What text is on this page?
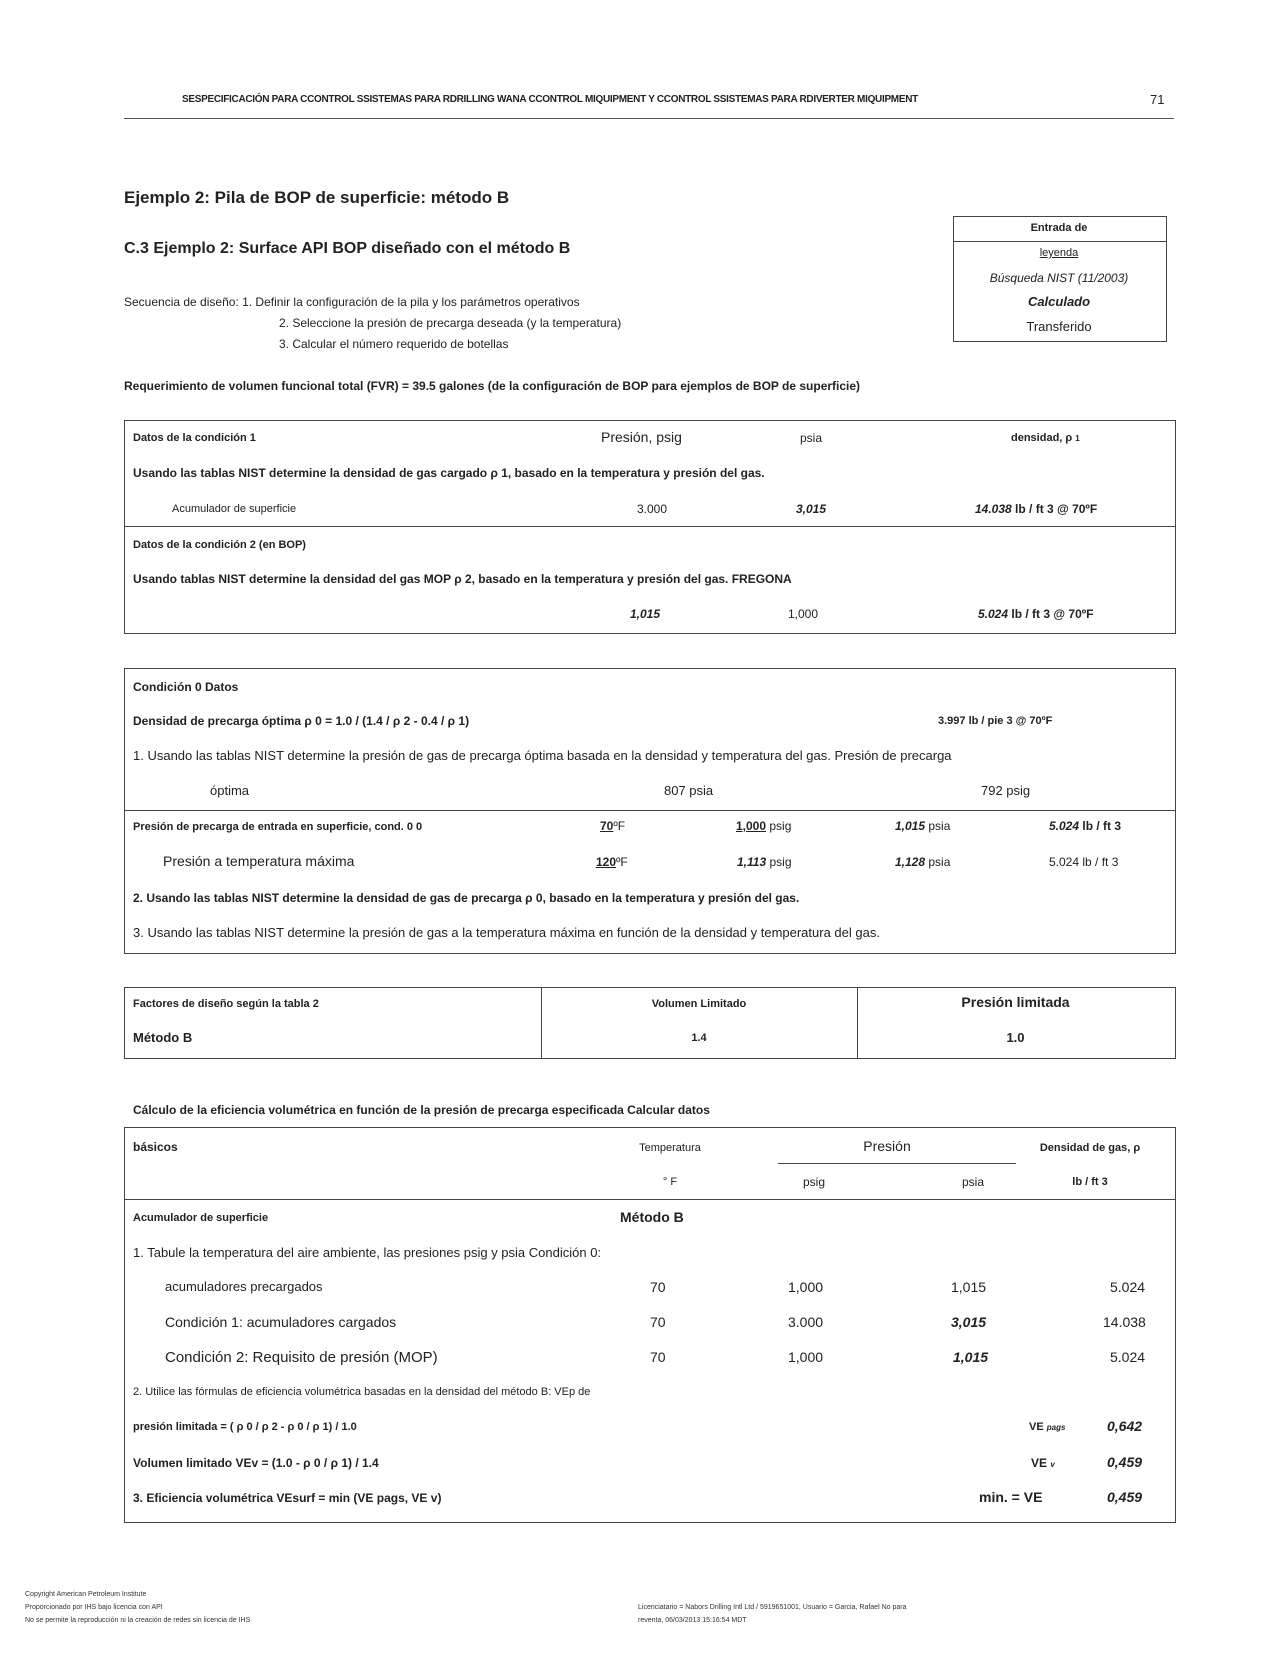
SESPECIFICACIÓN PARA CCONTROL SSISTEMAS PARA RDRILLING WANA CCONTROL MIQUIPMENT Y CCONTROL SSISTEMAS PARA RDIVERTER MIQUIPMENT	71
Ejemplo 2: Pila de BOP de superficie: método B
C.3 Ejemplo 2: Surface API BOP diseñado con el método B
Entrada de
leyenda
Búsqueda NIST (11/2003)
Calculado
Transferido
Secuencia de diseño: 1. Definir la configuración de la pila y los parámetros operativos
2. Seleccione la presión de precarga deseada (y la temperatura)
3. Calcular el número requerido de botellas
Requerimiento de volumen funcional total (FVR) = 39.5 galones (de la configuración de BOP para ejemplos de BOP de superficie)
Datos de la condición 1	Presión, psig	psia	densidad, ρ 1
Usando las tablas NIST determine la densidad de gas cargado ρ 1, basado en la temperatura y presión del gas.
Acumulador de superficie	3.000	3,015	14.038 lb / ft 3 @ 70ºF
Datos de la condición 2 (en BOP)
Usando tablas NIST determine la densidad del gas MOP ρ 2, basado en la temperatura y presión del gas. FREGONA
1,015	1,000	5.024 lb / ft 3 @ 70ºF
Condición 0 Datos
Densidad de precarga óptima ρ 0 = 1.0 / (1.4 / ρ 2 - 0.4 / ρ 1)	3.997 lb / pie 3 @ 70ºF
1. Usando las tablas NIST determine la presión de gas de precarga óptima basada en la densidad y temperatura del gas. Presión de precarga
óptima	807 psia	792 psig
Presión de precarga de entrada en superficie, cond. 0 0	70ºF	1,000 psig	1,015 psia	5.024 lb / ft 3
Presión a temperatura máxima	120ºF	1,113 psig	1,128 psia	5.024 lb / ft 3
2. Usando las tablas NIST determine la densidad de gas de precarga ρ 0, basado en la temperatura y presión del gas.
3. Usando las tablas NIST determine la presión de gas a la temperatura máxima en función de la densidad y temperatura del gas.
Factores de diseño según la tabla 2	Volumen Limitado	Presión limitada
Método B	1.4	1.0
Cálculo de la eficiencia volumétrica en función de la presión de precarga especificada Calcular datos
básicos	Temperatura	Presión	Densidad de gas, ρ
° F	psig	psia	lb / ft 3
Acumulador de superficie	Método B
1. Tabule la temperatura del aire ambiente, las presiones psig y psia Condición 0:
acumuladores precargados	70	1,000	1,015	5.024
Condición 1: acumuladores cargados	70	3.000	3,015	14.038
Condición 2: Requisito de presión (MOP)	70	1,000	1,015	5.024
2. Utilice las fórmulas de eficiencia volumétrica basadas en la densidad del método B: VEp de
presión limitada = ( ρ 0 / ρ 2 - ρ 0 / ρ 1) / 1.0	VE pags	0,642
Volumen limitado VEv = (1.0 - ρ 0 / ρ 1) / 1.4	VE v	0,459
3. Eficiencia volumétrica VEsurf = min (VE pags, VE v)	min. = VE	0,459
Copyright American Petroleum Institute
Proporcionado por IHS bajo licencia con API
No se permite la reproducción ni la creación de redes sin licencia de IHS
Licenciatario = Nabors Drilling Intl Ltd / 5919651001, Usuario = Garcia, Rafael No para
reventa, 06/03/2013 15:16:54 MDT
